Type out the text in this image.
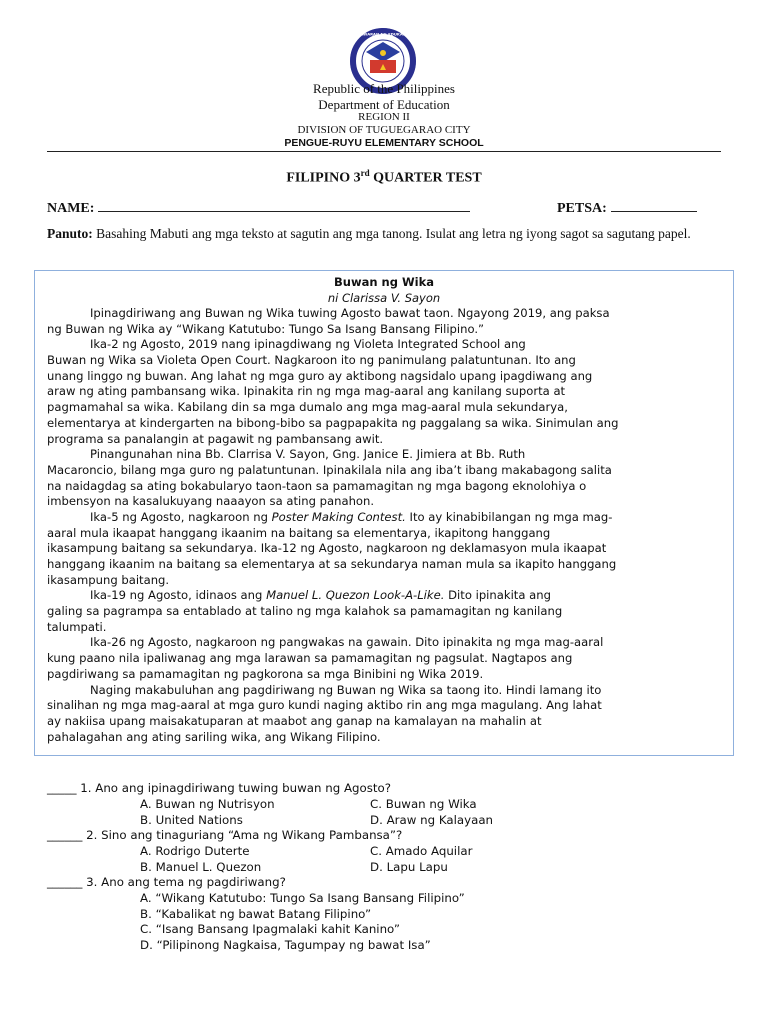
KAGAWARAN NG EDUKASYON
Republic of the Philippines
Department of Education
REGION II
DIVISION OF TUGUEGARAO CITY
PENGUE-RUYU ELEMENTARY SCHOOL
FILIPINO 3rd QUARTER TEST
NAME:	PETSA:
Panuto: Basahing Mabuti ang mga teksto at sagutin ang mga tanong. Isulat ang letra ng iyong sagot sa sagutang papel.
Buwan ng Wika
ni Clarissa V. Sayon
Ipinagdiriwang ang Buwan ng Wika tuwing Agosto bawat taon. Ngayong 2019, ang paksa
ng Buwan ng Wika ay “Wikang Katutubo: Tungo Sa Isang Bansang Filipino.”
Ika-2 ng Agosto, 2019 nang ipinagdiwang ng Violeta Integrated School ang
Buwan ng Wika sa Violeta Open Court. Nagkaroon ito ng panimulang palatuntunan. Ito ang
unang linggo ng buwan. Ang lahat ng mga guro ay aktibong nagsidalo upang ipagdiwang ang
araw ng ating pambansang wika. Ipinakita rin ng mga mag-aaral ang kanilang suporta at
pagmamahal sa wika. Kabilang din sa mga dumalo ang mga mag-aaral mula sekundarya,
elementarya at kindergarten na bibong-bibo sa pagpapakita ng paggalang sa wika. Sinimulan ang
programa sa panalangin at pagawit ng pambansang awit.
Pinangunahan nina Bb. Clarrisa V. Sayon, Gng. Janice E. Jimiera at Bb. Ruth
Macaroncio, bilang mga guro ng palatuntunan. Ipinakilala nila ang iba’t ibang makabagong salita
na naidagdag sa ating bokabularyo taon-taon sa pamamagitan ng mga bagong eknolohiya o
imbensyon na kasalukuyang naaayon sa ating panahon.
Ika-5 ng Agosto, nagkaroon ng Poster Making Contest. Ito ay kinabibilangan ng mga mag-
aaral mula ikaapat hanggang ikaanim na baitang sa elementarya, ikapitong hanggang
ikasampung baitang sa sekundarya. Ika-12 ng Agosto, nagkaroon ng deklamasyon mula ikaapat
hanggang ikaanim na baitang sa elementarya at sa sekundarya naman mula sa ikapito hanggang
ikasampung baitang.
Ika-19 ng Agosto, idinaos ang Manuel L. Quezon Look-A-Like. Dito ipinakita ang
galing sa pagrampa sa entablado at talino ng mga kalahok sa pamamagitan ng kanilang
talumpati.
Ika-26 ng Agosto, nagkaroon ng pangwakas na gawain. Dito ipinakita ng mga mag-aaral
kung paano nila ipaliwanag ang mga larawan sa pamamagitan ng pagsulat. Nagtapos ang
pagdiriwang sa pamamagitan ng pagkorona sa mga Binibini ng Wika 2019.
Naging makabuluhan ang pagdiriwang ng Buwan ng Wika sa taong ito. Hindi lamang ito
sinalihan ng mga mag-aaral at mga guro kundi naging aktibo rin ang mga magulang. Ang lahat
ay nakiisa upang maisakatuparan at maabot ang ganap na kamalayan na mahalin at
pahalagahan ang ating sariling wika, ang Wikang Filipino.
_____ 1. Ano ang ipinagdiriwang tuwing buwan ng Agosto?
A. Buwan ng Nutrisyon	C. Buwan ng Wika
B. United Nations	D. Araw ng Kalayaan
______ 2. Sino ang tinaguriang “Ama ng Wikang Pambansa”?
A. Rodrigo Duterte	C. Amado Aquilar
B. Manuel L. Quezon	D. Lapu Lapu
______ 3. Ano ang tema ng pagdiriwang?
A. “Wikang Katutubo: Tungo Sa Isang Bansang Filipino”
B. “Kabalikat ng bawat Batang Filipino”
C. “Isang Bansang Ipagmalaki kahit Kanino”
D. “Pilipinong Nagkaisa, Tagumpay ng bawat Isa”
